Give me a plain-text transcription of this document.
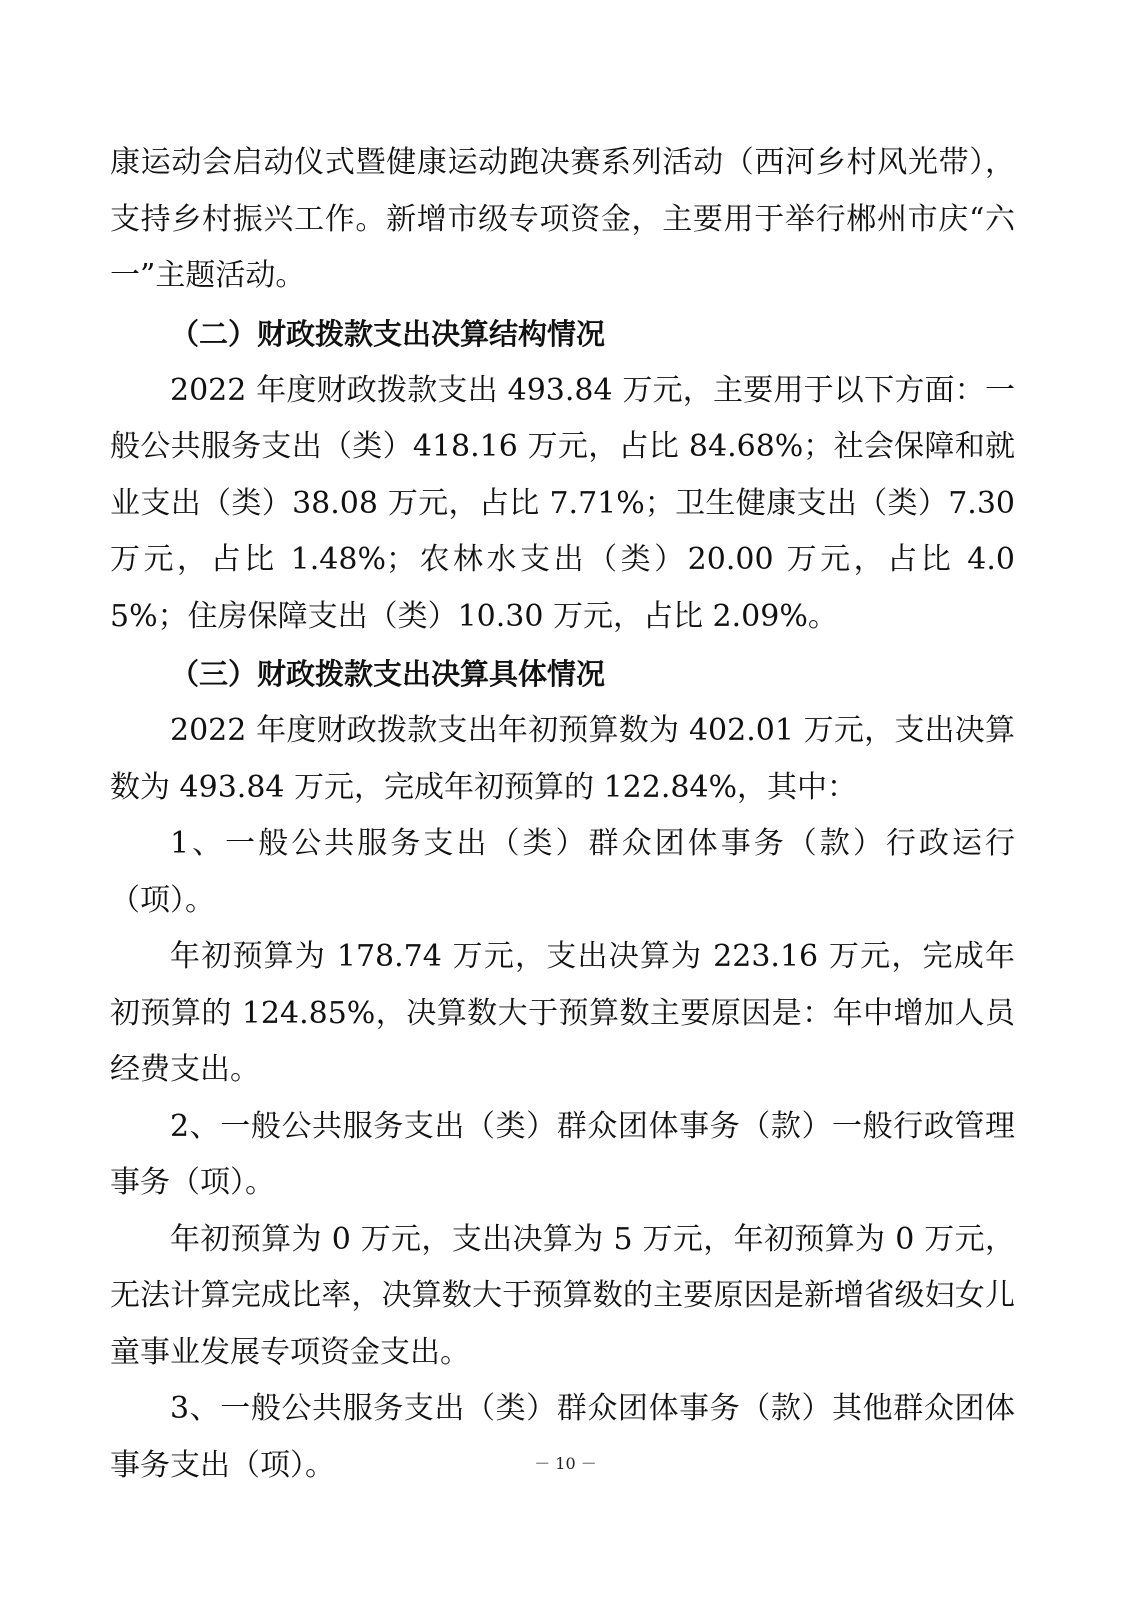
康运动会启动仪式暨健康运动跑决赛系列活动（西河乡村风光带），支持乡村振兴工作。新增市级专项资金，主要用于举行郴州市庆“六一”主题活动。

（二）财政拨款支出决算结构情况

2022 年度财政拨款支出 493.84 万元，主要用于以下方面：一般公共服务支出（类）418.16 万元，占比 84.68%；社会保障和就业支出（类）38.08 万元，占比 7.71%；卫生健康支出（类）7.30 万元，占比 1.48%；农林水支出（类）20.00 万元，占比 4.05%；住房保障支出（类）10.30 万元，占比 2.09%。

（三）财政拨款支出决算具体情况

2022 年度财政拨款支出年初预算数为 402.01 万元，支出决算数为 493.84 万元，完成年初预算的 122.84%，其中：

1、一般公共服务支出（类）群众团体事务（款）行政运行（项）。

年初预算为 178.74 万元，支出决算为 223.16 万元，完成年初预算的 124.85%，决算数大于预算数主要原因是：年中增加人员经费支出。

2、一般公共服务支出（类）群众团体事务（款）一般行政管理事务（项）。

年初预算为 0 万元，支出决算为 5 万元，年初预算为 0 万元，无法计算完成比率，决算数大于预算数的主要原因是新增省级妇女儿童事业发展专项资金支出。

3、一般公共服务支出（类）群众团体事务（款）其他群众团体事务支出（项）。	－ 10 －
